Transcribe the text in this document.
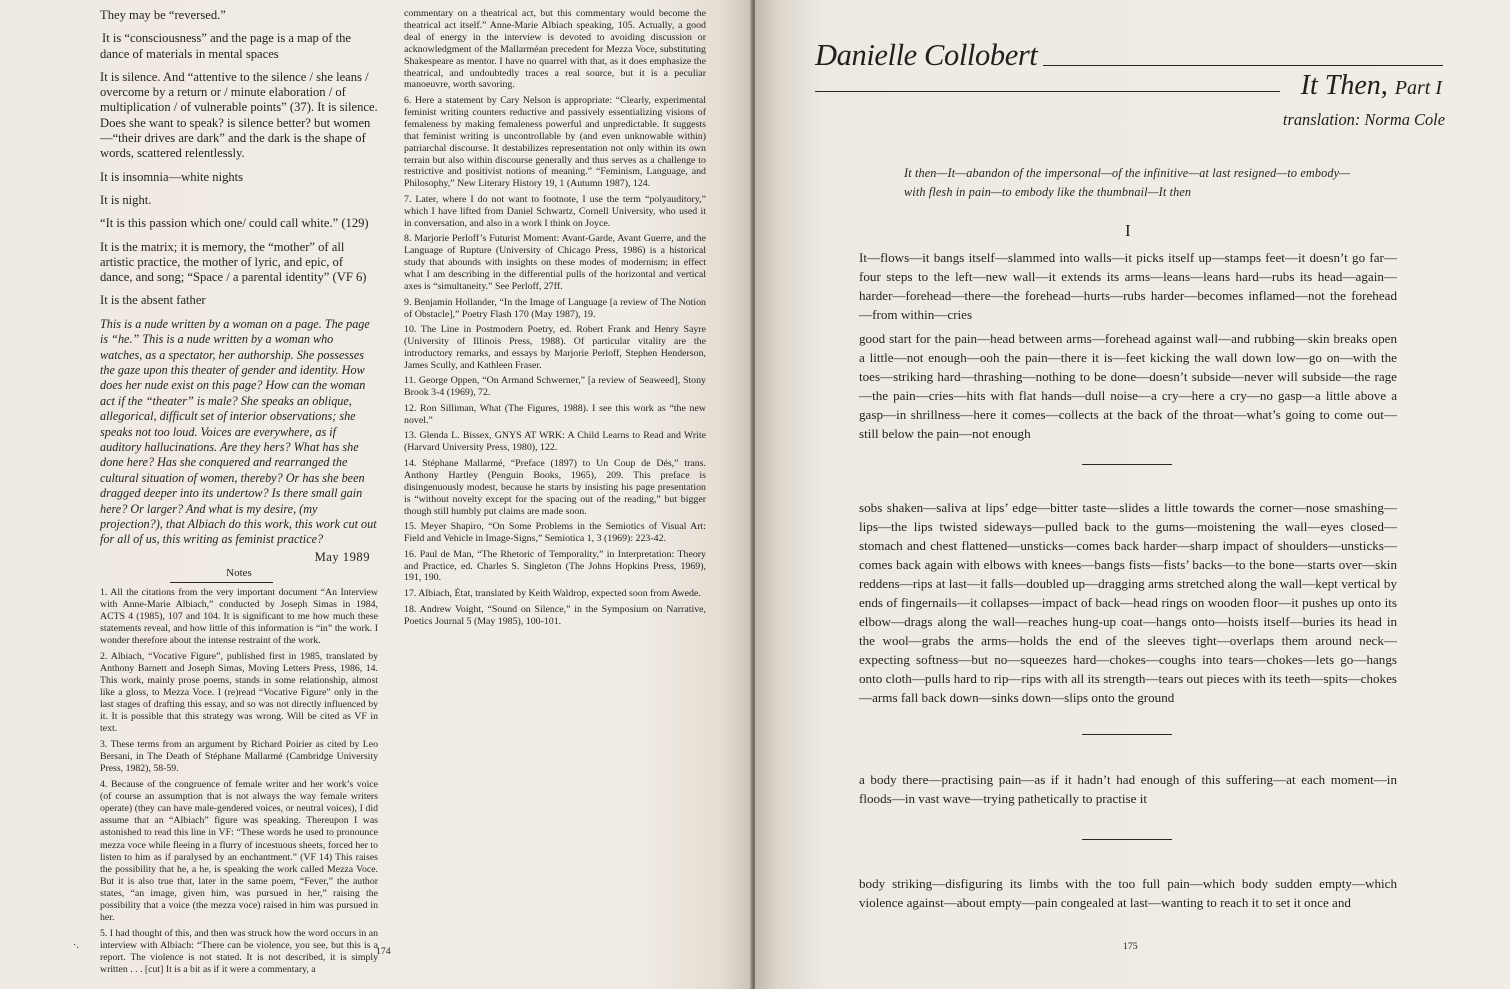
They may be “reversed.”

It is “consciousness” and the page is a map of the dance of materials in mental spaces

It is silence. And “attentive to the silence / she leans / overcome by a return or / minute elaboration / of multiplication / of vulnerable points” (37). It is silence. Does she want to speak? is silence better? but women—“their drives are dark” and the dark is the shape of words, scattered relentlessly.

It is insomnia—white nights

It is night.

“It is this passion which one/ could call white.” (129)

It is the matrix; it is memory, the “mother” of all artistic practice, the mother of lyric, and epic, of dance, and song; “Space / a parental identity” (VF 6)

It is the absent father

This is a nude written by a woman on a page. The page is “he.” This is a nude written by a woman who watches, as a spectator, her authorship. She possesses the gaze upon this theater of gender and identity. How does her nude exist on this page? How can the woman act if the “theater” is male? She speaks an oblique, allegorical, difficult set of interior observations; she speaks not too loud. Voices are everywhere, as if auditory hallucinations. Are they hers? What has she done here? Has she conquered and rearranged the cultural situation of women, thereby? Or has she been dragged deeper into its undertow? Is there small gain here? Or larger? And what is my desire, (my projection?), that Albiach do this work, this work cut out for all of us, this writing as feminist practice?

May 1989
Notes

1. All the citations from the very important document “An Interview with Anne-Marie Albiach,” conducted by Joseph Simas in 1984, ACTS 4 (1985), 107 and 104. It is significant to me how much these statements reveal, and how little of this information is “in” the work. I wonder therefore about the intense restraint of the work.

2. Albiach, “Vocative Figure”, published first in 1985, translated by Anthony Barnett and Joseph Simas, Moving Letters Press, 1986, 14. This work, mainly prose poems, stands in some relationship, almost like a gloss, to Mezza Voce. I (re)read “Vocative Figure” only in the last stages of drafting this essay, and so was not directly influenced by it. It is possible that this strategy was wrong. Will be cited as VF in text.

3. These terms from an argument by Richard Poirier as cited by Leo Bersani, in The Death of Stéphane Mallarmé (Cambridge University Press, 1982), 58-59.

4. Because of the congruence of female writer and her work’s voice (of course an assumption that is not always the way female writers operate) (they can have male-gendered voices, or neutral voices), I did assume that an “Albiach” figure was speaking. Thereupon I was astonished to read this line in VF: “These words he used to pronounce mezza voce while fleeing in a flurry of incestuous sheets, forced her to listen to him as if paralysed by an enchantment.” (VF 14) This raises the possibility that he, a he, is speaking the work called Mezza Voce. But it is also true that, later in the same poem, “Fever,” the author states, “an image, given him, was pursued in her,” raising the possibility that a voice (the mezza voce) raised in him was pursued in her.

5. I had thought of this, and then was struck how the word occurs in an interview with Albiach: “There can be violence, you see, but this is a report. The violence is not stated. It is not described, it is simply written . . . [cut] It is a bit as if it were a commentary, a

commentary on a theatrical act, but this commentary would become the theatrical act itself.” Anne-Marie Albiach speaking, 105. Actually, a good deal of energy in the interview is devoted to avoiding discussion or acknowledgment of the Mallarméan precedent for Mezza Voce, substituting Shakespeare as mentor. I have no quarrel with that, as it does emphasize the theatrical, and undoubtedly traces a real source, but it is a peculiar manoeuvre, worth savoring.

6. Here a statement by Cary Nelson is appropriate: “Clearly, experimental feminist writing counters reductive and passively essentializing visions of femaleness by making femaleness powerful and unpredictable. It suggests that feminist writing is uncontrollable by (and even unknowable within) patriarchal discourse. It destabilizes representation not only within its own terrain but also within discourse generally and thus serves as a challenge to restrictive and positivist notions of meaning.” “Feminism, Language, and Philosophy,” New Literary History 19, 1 (Autumn 1987), 124.

7. Later, where I do not want to footnote, I use the term “polyauditory,” which I have lifted from Daniel Schwartz, Cornell University, who used it in conversation, and also in a work I think on Joyce.

8. Marjorie Perloff’s Futurist Moment: Avant-Garde, Avant Guerre, and the Language of Rupture (University of Chicago Press, 1986) is a historical study that abounds with insights on these modes of modernism; in effect what I am describing in the differential pulls of the horizontal and vertical axes is “simultaneity.” See Perloff, 27ff.

9. Benjamin Hollander, “In the Image of Language [a review of The Notion of Obstacle],” Poetry Flash 170 (May 1987), 19.

10. The Line in Postmodern Poetry, ed. Robert Frank and Henry Sayre (University of Illinois Press, 1988). Of particular vitality are the introductory remarks, and essays by Marjorie Perloff, Stephen Henderson, James Scully, and Kathleen Fraser.

11. George Oppen, “On Armand Schwerner,” [a review of Seaweed], Stony Brook 3-4 (1969), 72.

12. Ron Silliman, What (The Figures, 1988). I see this work as “the new novel.”

13. Glenda L. Bissex, GNYS AT WRK: A Child Learns to Read and Write (Harvard University Press, 1980), 122.

14. Stéphane Mallarmé, “Preface (1897) to Un Coup de Dés,” trans. Anthony Hartley (Penguin Books, 1965), 209. This preface is disingenuously modest, because he starts by insisting his page presentation is “without novelty except for the spacing out of the reading,” but bigger though still humbly put claims are made soon.

15. Meyer Shapiro, “On Some Problems in the Semiotics of Visual Art: Field and Vehicle in Image-Signs,” Semiotica 1, 3 (1969): 223-42.

16. Paul de Man, “The Rhetoric of Temporality,” in Interpretation: Theory and Practice, ed. Charles S. Singleton (The Johns Hopkins Press, 1969), 191, 190.

17. Albiach, État, translated by Keith Waldrop, expected soon from Awede.

18. Andrew Voight, “Sound on Silence,” in the Symposium on Narrative, Poetics Journal 5 (May 1985), 100-101.

·.
174
Danielle Collobert
It Then, Part I
translation: Norma Cole
It then—It—abandon of the impersonal—of the infinitive—at last resigned—to embody—with flesh in pain—to embody like the thumbnail—It then
I

It—flows—it bangs itself—slammed into walls—it picks itself up—stamps feet—it doesn’t go far—four steps to the left—new wall—it extends its arms—leans—leans hard—rubs its head—again—harder—forehead—there—the forehead—hurts—rubs harder—becomes inflamed—not the forehead—from within—cries

good start for the pain—head between arms—forehead against wall—and rubbing—skin breaks open a little—not enough—ooh the pain—there it is—feet kicking the wall down low—go on—with the toes—striking hard—thrashing—nothing to be done—doesn’t subside—never will subside—the rage—the pain—cries—hits with flat hands—dull noise—a cry—here a cry—no gasp—a little above a gasp—in shrillness—here it comes—collects at the back of the throat—what’s going to come out—still below the pain—not enough

sobs shaken—saliva at lips’ edge—bitter taste—slides a little towards the corner—nose smashing—lips—the lips twisted sideways—pulled back to the gums—moistening the wall—eyes closed—stomach and chest flattened—unsticks—comes back harder—sharp impact of shoulders—unsticks—comes back again with elbows with knees—bangs fists—fists’ backs—to the bone—starts over—skin reddens—rips at last—it falls—doubled up—dragging arms stretched along the wall—kept vertical by ends of fingernails—it collapses—impact of back—head rings on wooden floor—it pushes up onto its elbow—drags along the wall—reaches hung-up coat—hangs onto—hoists itself—buries its head in the wool—grabs the arms—holds the end of the sleeves tight—overlaps them around neck—expecting softness—but no—squeezes hard—chokes—coughs into tears—chokes—lets go—hangs onto cloth—pulls hard to rip—rips with all its strength—tears out pieces with its teeth—spits—chokes—arms fall back down—sinks down—slips onto the ground

a body there—practising pain—as if it hadn’t had enough of this suffering—at each moment—in floods—in vast wave—trying pathetically to practise it

body striking—disfiguring its limbs with the too full pain—which body sudden empty—which violence against—about empty—pain congealed at last—wanting to reach it to set it once and

175
